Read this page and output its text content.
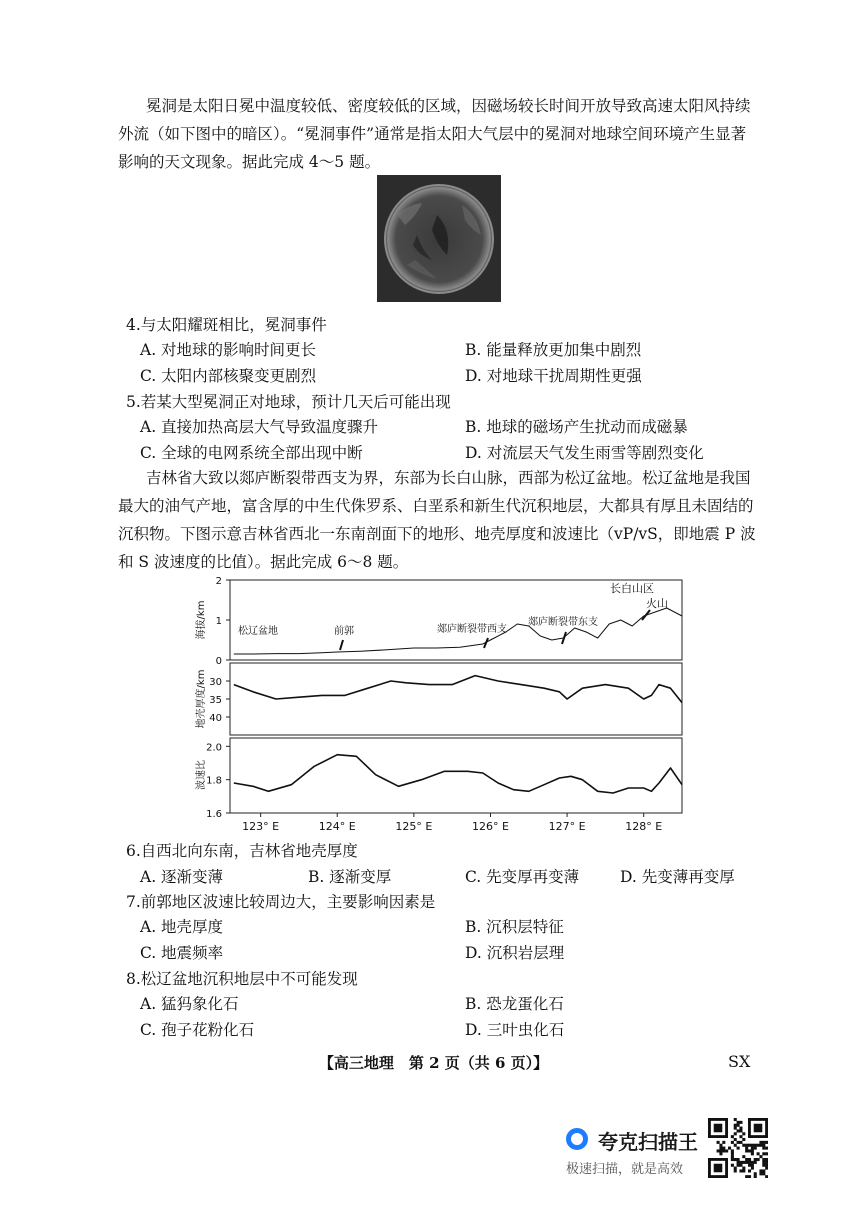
冕洞是太阳日冕中温度较低、密度较低的区域，因磁场较长时间开放导致高速太阳风持续外流（如下图中的暗区）。“冕洞事件”通常是指太阳大气层中的冕洞对地球空间环境产生显著影响的天文现象。据此完成 4～5 题。

4.与太阳耀斑相比，冕洞事件
A. 对地球的影响时间更长	B. 能量释放更加集中剧烈
C. 太阳内部核聚变更剧烈	D. 对地球干扰周期性更强
5.若某大型冕洞正对地球，预计几天后可能出现
A. 直接加热高层大气导致温度骤升	B. 地球的磁场产生扰动而成磁暴
C. 全球的电网系统全部出现中断	D. 对流层天气发生雨雪等剧烈变化

吉林省大致以郯庐断裂带西支为界，东部为长白山脉，西部为松辽盆地。松辽盆地是我国最大的油气产地，富含厚的中生代侏罗系、白垩系和新生代沉积地层，大都具有厚且未固结的沉积物。下图示意吉林省西北一东南剖面下的地形、地壳厚度和波速比（vP/vS，即地震 P 波和 S 波速度的比值）。据此完成 6～8 题。

2
1
0
海拔/km
30
35
40
地壳厚度/km
2.0
1.8
1.6
波速比
123° E	124° E	125° E	126° E	127° E	128° E
长白山区
火山
松辽盆地	前郭	郯庐断裂带西支
郯庐断裂带东支
6.自西北向东南，吉林省地壳厚度
A. 逐渐变薄	B. 逐渐变厚	C. 先变厚再变薄	D. 先变薄再变厚
7.前郭地区波速比较周边大，主要影响因素是
A. 地壳厚度	B. 沉积层特征
C. 地震频率	D. 沉积岩层理
8.松辽盆地沉积地层中不可能发现
A. 猛犸象化石	B. 恐龙蛋化石
C. 孢子花粉化石	D. 三叶虫化石
【高三地理　第 2 页（共 6 页）】	SX
夸克扫描王
极速扫描，就是高效
